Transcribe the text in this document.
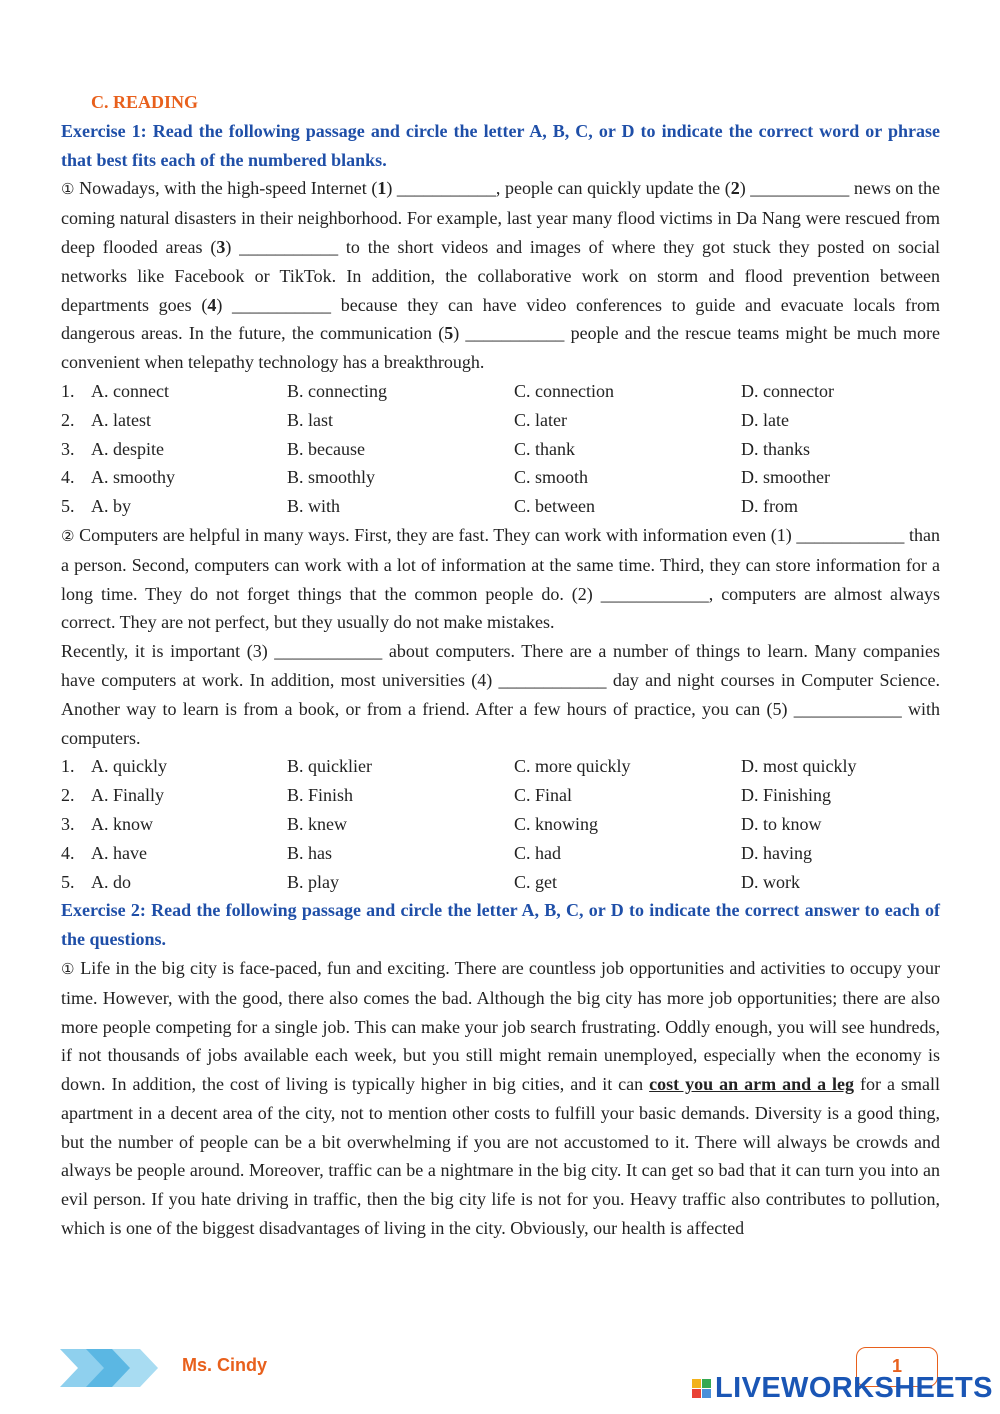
C. READING

Exercise 1: Read the following passage and circle the letter A, B, C, or D to indicate the correct word or phrase that best fits each of the numbered blanks.

① Nowadays, with the high-speed Internet (1) ___________, people can quickly update the (2) ___________ news on the coming natural disasters in their neighborhood. For example, last year many flood victims in Da Nang were rescued from deep flooded areas (3) ___________ to the short videos and images of where they got stuck they posted on social networks like Facebook or TikTok. In addition, the collaborative work on storm and flood prevention between departments goes (4) ___________ because they can have video conferences to guide and evacuate locals from dangerous areas. In the future, the communication (5) ___________ people and the rescue teams might be much more convenient when telepathy technology has a breakthrough.

1. A. connect	B. connecting	C. connection	D. connector
2. A. latest	B. last	C. later	D. late
3. A. despite	B. because	C. thank	D. thanks
4. A. smoothy	B. smoothly	C. smooth	D. smoother
5. A. by	B. with	C. between	D. from

② Computers are helpful in many ways. First, they are fast. They can work with information even (1) ____________ than a person. Second, computers can work with a lot of information at the same time. Third, they can store information for a long time. They do not forget things that the common people do. (2) ____________, computers are almost always correct. They are not perfect, but they usually do not make mistakes.

Recently, it is important (3) ____________ about computers. There are a number of things to learn. Many companies have computers at work. In addition, most universities (4) ____________ day and night courses in Computer Science. Another way to learn is from a book, or from a friend. After a few hours of practice, you can (5) ____________ with computers.

1. A. quickly	B. quicklier	C. more quickly	D. most quickly
2. A. Finally	B. Finish	C. Final	D. Finishing
3. A. know	B. knew	C. knowing	D. to know
4. A. have	B. has	C. had	D. having
5. A. do	B. play	C. get	D. work

Exercise 2: Read the following passage and circle the letter A, B, C, or D to indicate the correct answer to each of the questions.

① Life in the big city is face-paced, fun and exciting. There are countless job opportunities and activities to occupy your time. However, with the good, there also comes the bad. Although the big city has more job opportunities; there are also more people competing for a single job. This can make your job search frustrating. Oddly enough, you will see hundreds, if not thousands of jobs available each week, but you still might remain unemployed, especially when the economy is down. In addition, the cost of living is typically higher in big cities, and it can cost you an arm and a leg for a small apartment in a decent area of the city, not to mention other costs to fulfill your basic demands. Diversity is a good thing, but the number of people can be a bit overwhelming if you are not accustomed to it. There will always be crowds and always be people around. Moreover, traffic can be a nightmare in the big city. It can get so bad that it can turn you into an evil person. If you hate driving in traffic, then the big city life is not for you. Heavy traffic also contributes to pollution, which is one of the biggest disadvantages of living in the city. Obviously, our health is affected

Ms. Cindy	1
LIVEWORKSHEETS
